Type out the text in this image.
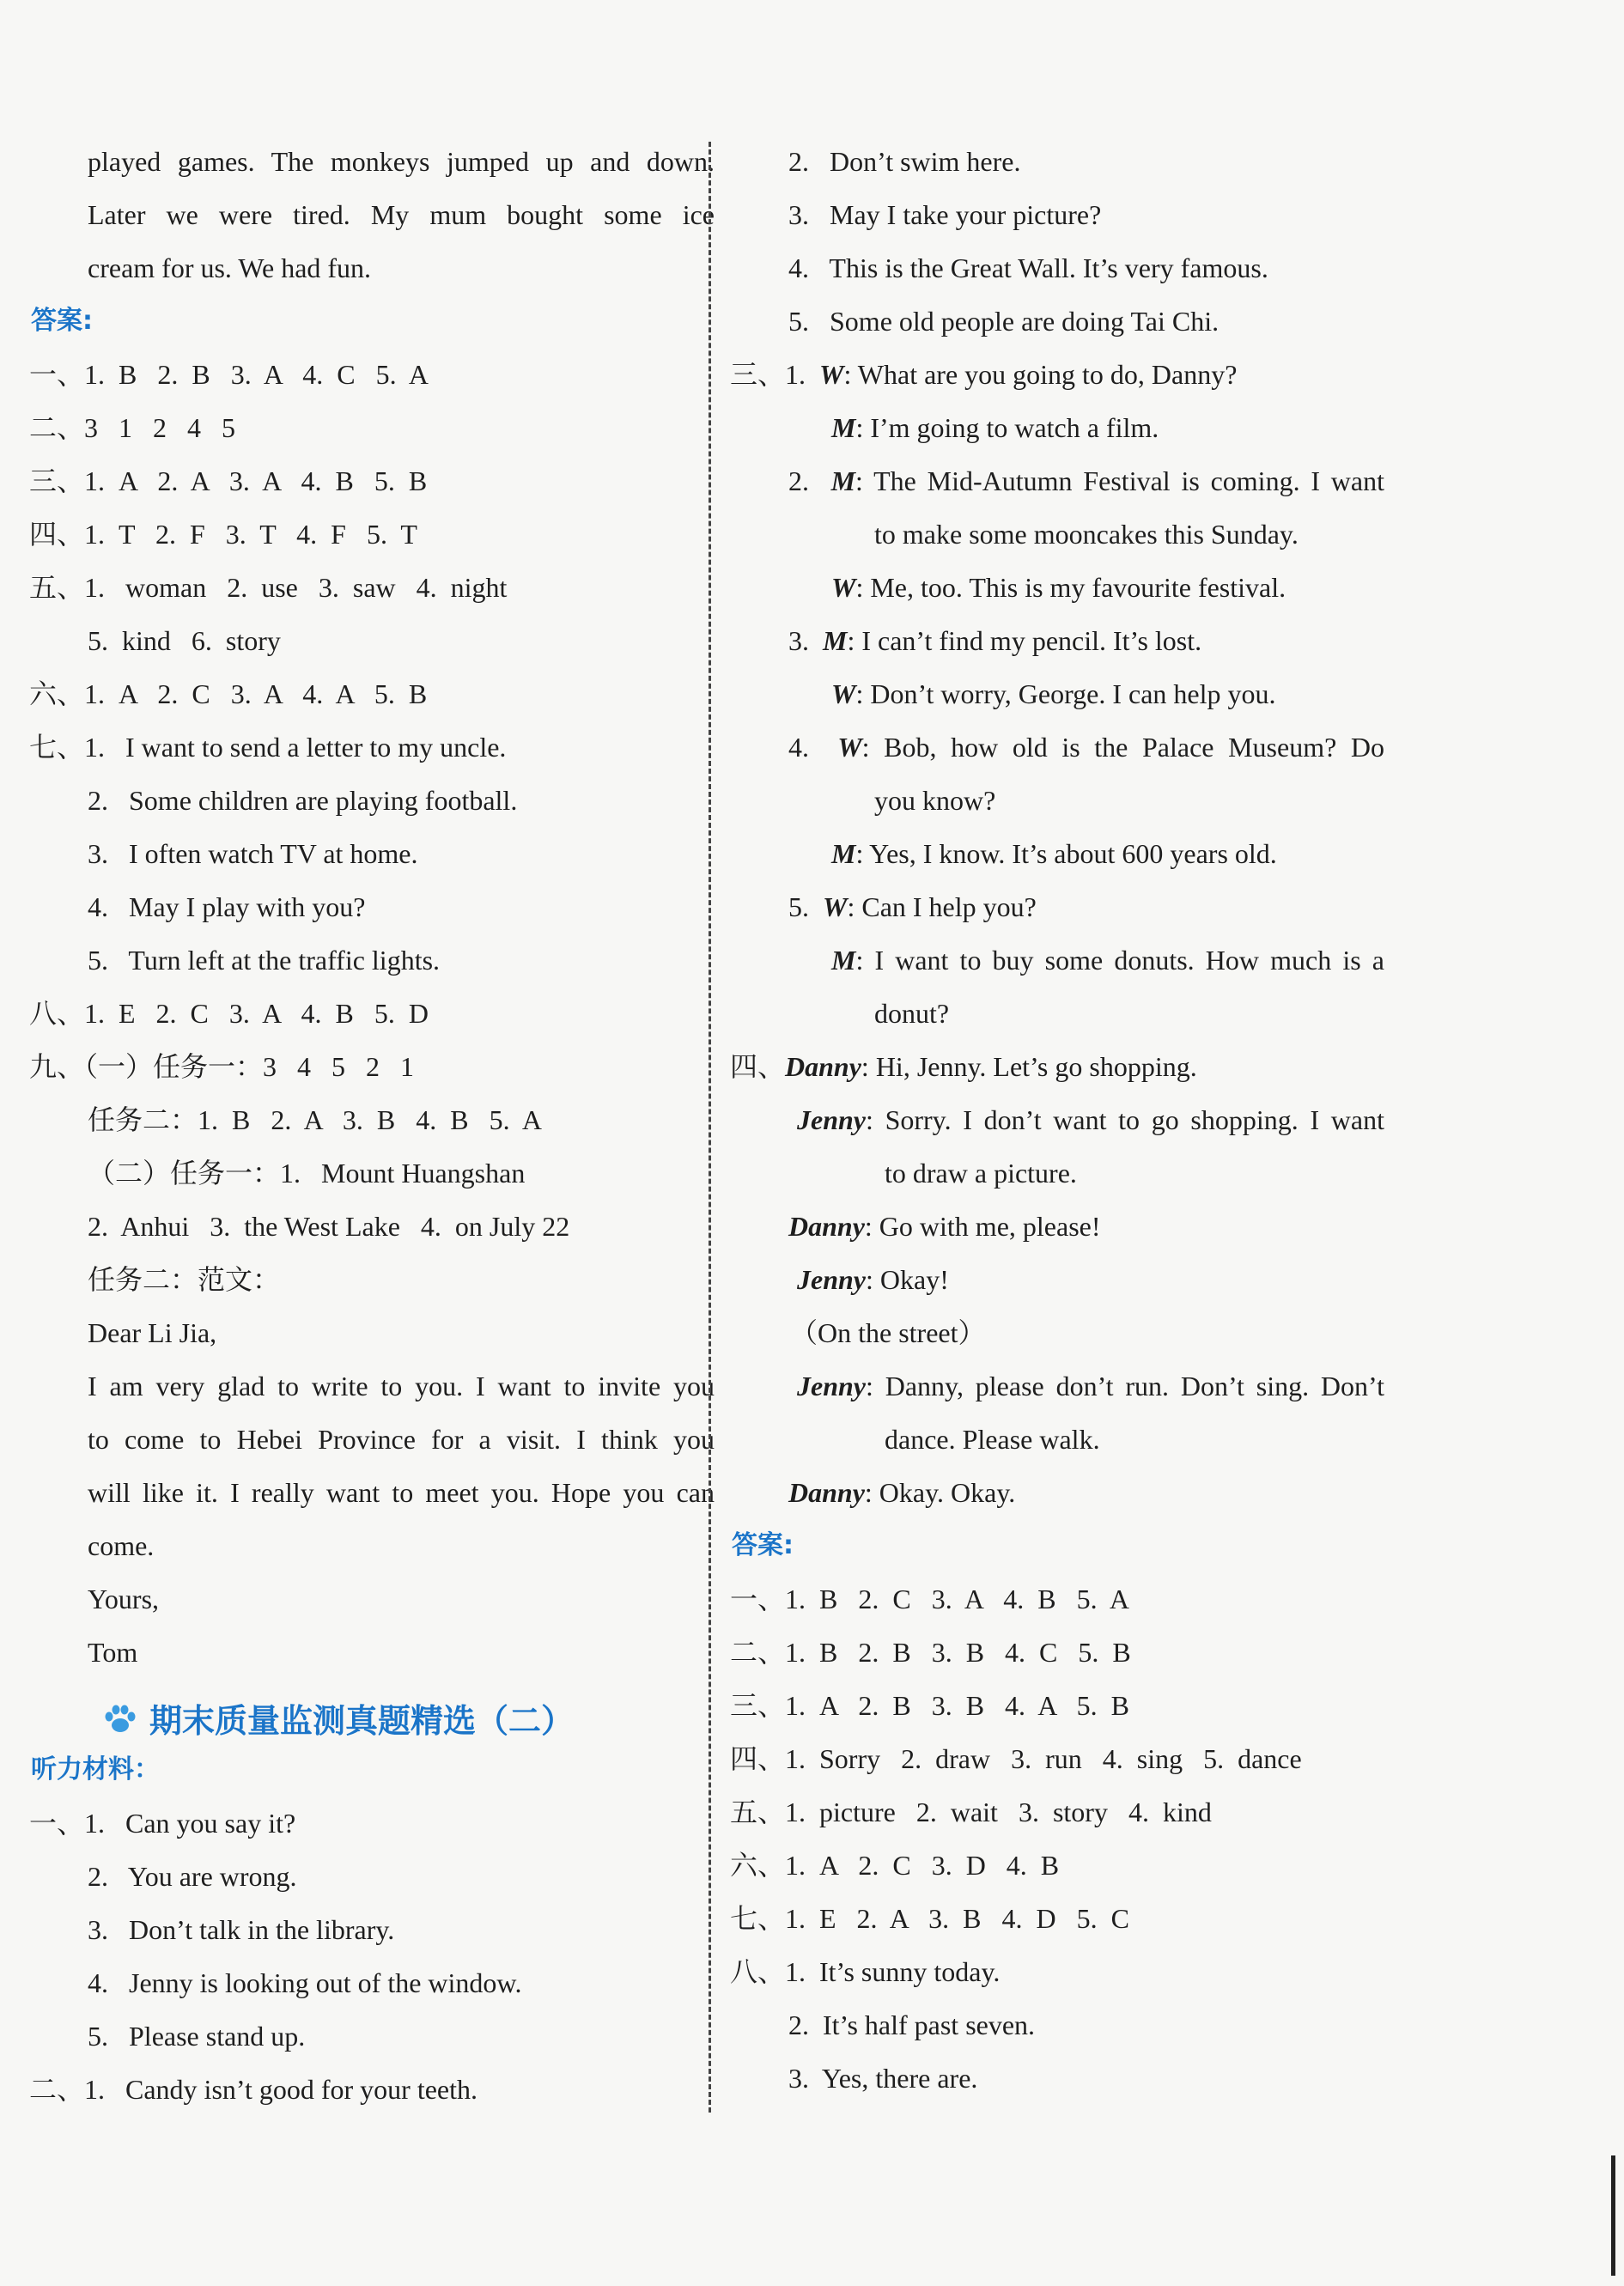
played games. The monkeys jumped up and down.
Later we were tired. My mum bought some ice
cream for us. We had fun.
答案:
一、1.  B   2.  B   3.  A   4.  C   5.  A
二、3   1   2   4   5
三、1.  A   2.  A   3.  A   4.  B   5.  B
四、1.  T   2.  F   3.  T   4.  F   5.  T
五、1.   woman   2.  use   3.  saw   4.  night
5.  kind   6.  story
六、1.  A   2.  C   3.  A   4.  A   5.  B
七、1.   I want to send a letter to my uncle.
2.   Some children are playing football.
3.   I often watch TV at home.
4.   May I play with you?
5.   Turn left at the traffic lights.
八、1.  E   2.  C   3.  A   4.  B   5.  D
九、（一）任务一：3   4   5   2   1
任务二：1.  B   2.  A   3.  B   4.  B   5.  A
（二）任务一：1.   Mount Huangshan
2.  Anhui   3.  the West Lake   4.  on July 22
任务二：范文：
Dear Li Jia,
I am very glad to write to you. I want to invite you
to come to Hebei Province for a visit. I think you
will like it. I really want to meet you. Hope you can
come.
Yours,
Tom
期末质量监测真题精选（二）
听力材料：
一、1.   Can you say it?
2.   You are wrong.
3.   Don’t talk in the library.
4.   Jenny is looking out of the window.
5.   Please stand up.
二、1.   Candy isn’t good for your teeth.
2.   Don’t swim here.
3.   May I take your picture?
4.   This is the Great Wall. It’s very famous.
5.   Some old people are doing Tai Chi.
三、1.  W: What are you going to do, Danny?
M: I’m going to watch a film.
2.  M: The Mid-Autumn Festival is coming. I want
to make some mooncakes this Sunday.
W: Me, too. This is my favourite festival.
3.  M: I can’t find my pencil. It’s lost.
W: Don’t worry, George. I can help you.
4.  W: Bob, how old is the Palace Museum? Do
you know?
M: Yes, I know. It’s about 600 years old.
5.  W: Can I help you?
M: I want to buy some donuts. How much is a
donut?
四、Danny: Hi, Jenny. Let’s go shopping.
Jenny: Sorry. I don’t want to go shopping. I want
to draw a picture.
Danny: Go with me, please!
Jenny: Okay!
（On the street）
Jenny: Danny, please don’t run. Don’t sing. Don’t
dance. Please walk.
Danny: Okay. Okay.
答案:
一、1.  B   2.  C   3.  A   4.  B   5.  A
二、1.  B   2.  B   3.  B   4.  C   5.  B
三、1.  A   2.  B   3.  B   4.  A   5.  B
四、1.  Sorry   2.  draw   3.  run   4.  sing   5.  dance
五、1.  picture   2.  wait   3.  story   4.  kind
六、1.  A   2.  C   3.  D   4.  B
七、1.  E   2.  A   3.  B   4.  D   5.  C
八、1.  It’s sunny today.
2.  It’s half past seven.
3.  Yes, there are.
